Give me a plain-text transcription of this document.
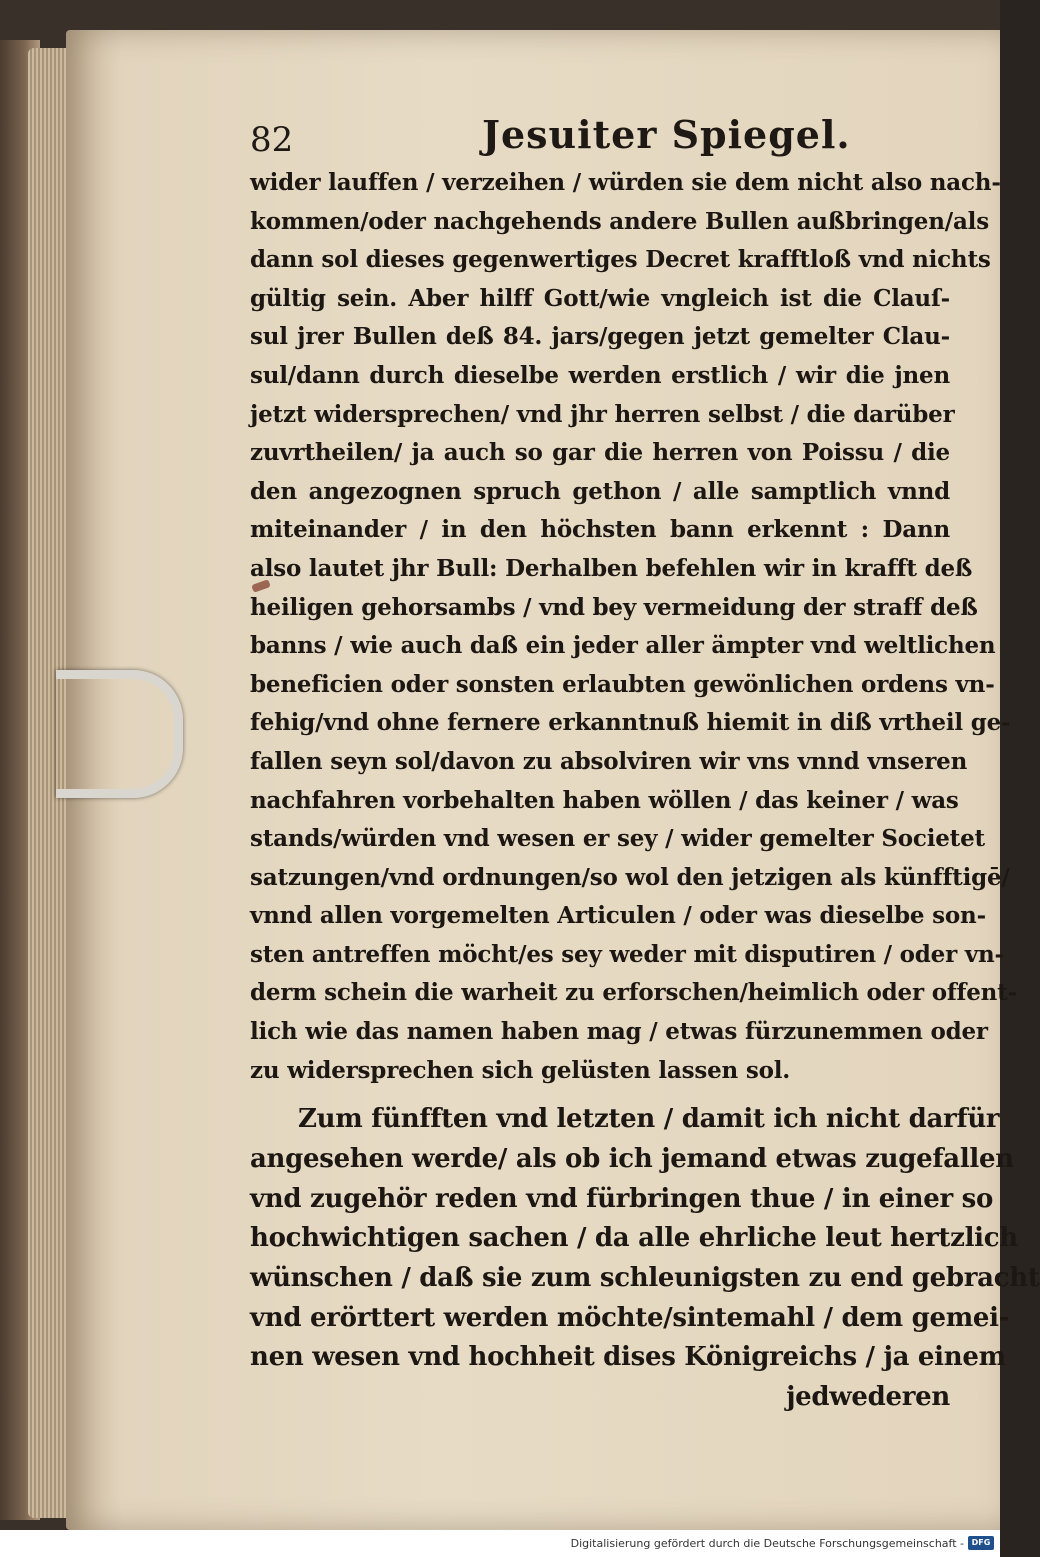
82	Jesuiter Spiegel.

wider lauffen / verzeihen / würden sie dem nicht also nach-

kommen/oder nachgehends andere Bullen außbringen/als

dann sol dieses gegenwertiges Decret krafftloß vnd nichts

gültig sein. Aber hilff Gott/wie vngleich ist die Clauſ-

sul jrer Bullen deß 84. jars/gegen jetzt gemelter Clau-

sul/dann durch dieselbe werden erstlich / wir die jnen

jetzt widersprechen/ vnd jhr herren selbst / die darüber

zuvrtheilen/ ja auch so gar die herren von Poissu / die

den angezognen spruch gethon / alle samptlich vnnd

miteinander / in den höchsten bann erkennt : Dann

also lautet jhr Bull: Derhalben befehlen wir in krafft deß

heiligen gehorsambs / vnd bey vermeidung der straff deß

banns / wie auch daß ein jeder aller ämpter vnd weltlichen

beneficien oder sonsten erlaubten gewönlichen ordens vn-

fehig/vnd ohne fernere erkanntnuß hiemit in diß vrtheil ge-

fallen seyn sol/davon zu absolviren wir vns vnnd vnseren

nachfahren vorbehalten haben wöllen / das keiner / was

stands/würden vnd wesen er sey / wider gemelter Societet

satzungen/vnd ordnungen/so wol den jetzigen als künfftigē/

vnnd allen vorgemelten Articulen / oder was dieselbe son-

sten antreffen möcht/es sey weder mit disputiren / oder vn-

derm schein die warheit zu erforschen/heimlich oder offent-

lich wie das namen haben mag / etwas fürzunemmen oder

zu widersprechen sich gelüsten lassen sol.

Zum fünfften vnd letzten / damit ich nicht darfür

angesehen werde/ als ob ich jemand etwas zugefallen

vnd zugehör reden vnd fürbringen thue / in einer so

hochwichtigen sachen / da alle ehrliche leut hertzlich

wünschen / daß sie zum schleunigsten zu end gebracht

vnd erörttert werden möchte/sintemahl / dem gemei-

nen wesen vnd hochheit dises Königreichs / ja einem

jedwederen

Digitalisierung gefördert durch die Deutsche Forschungsgemeinschaft - DFG
